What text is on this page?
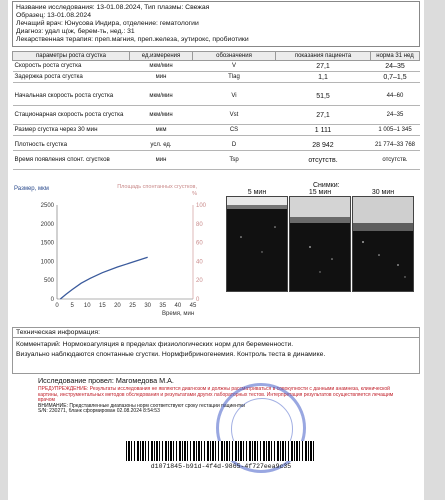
Название исследования: 13-01.08.2024, Тип плазмы: Свежая
Образец: 13-01.08.2024
Лечащий врач: Юнусова Индира, отделение: гематологии
Диагноз: удал щ\ж, берем-ть, нед.: 31
Лекарственная терапия: преп.магния, преп.железа, эутирокс, пробиотики
параметры роста сгустка	ед.измерения	обозначения	показания пациента	норма 31 нед
Скорость роста сгустка	мкм/мин	V	27,1	24–35
Задержка роста сгустка	мин	Tlag	1,1	0,7–1,5

Начальная скорость роста сгустка	мкм/мин	Vi	51,5	44–60
Стационарная скорость роста сгустка	мкм/мин	Vst	27,1	24–35
Размер сгустка через 30 мин	мкм	CS	1 111	1 005–1 345

Плотность сгустка	усл. ед.	D	28 942	21 774–33 768
Время появления спонт. сгустков	мин	Tsp	отсутств.	отсутств.
0
500
1000
1500
2000
2500
0
20
40
60
80
100
0 5 10 15 20 25 30 35 40 45
Размер, мкм	Площадь спонтанных сгустков,
%
Время, мин
Снимки:
5 мин	15 мин	30 мин
Техническая информация:
Комментарий: Нормокоагуляция в пределах физиологических норм для беременности.
Визуально наблюдаются спонтанные сгустки. Нормфибриногенемия. Контроль теста в динамике.
Исследование провел: Магомедова М.А.
ПРЕДУПРЕЖДЕНИЕ: Результаты исследования не являются диагнозом и должны рассматриваться в совокупности с данными анамнеза, клинической картины, инструментальных методов обследования и результатами других лабораторных тестов. Интерпретация результатов осуществляется лечащим врачом
ВНИМАНИЕ: Представленные диапазоны норм соответствуют сроку гестации пациентки
S/N: 230271, бланк сформирован 02.08.2024 8:54:53
d1071845-b91d-4f4d-9865-4f727eea9c35
